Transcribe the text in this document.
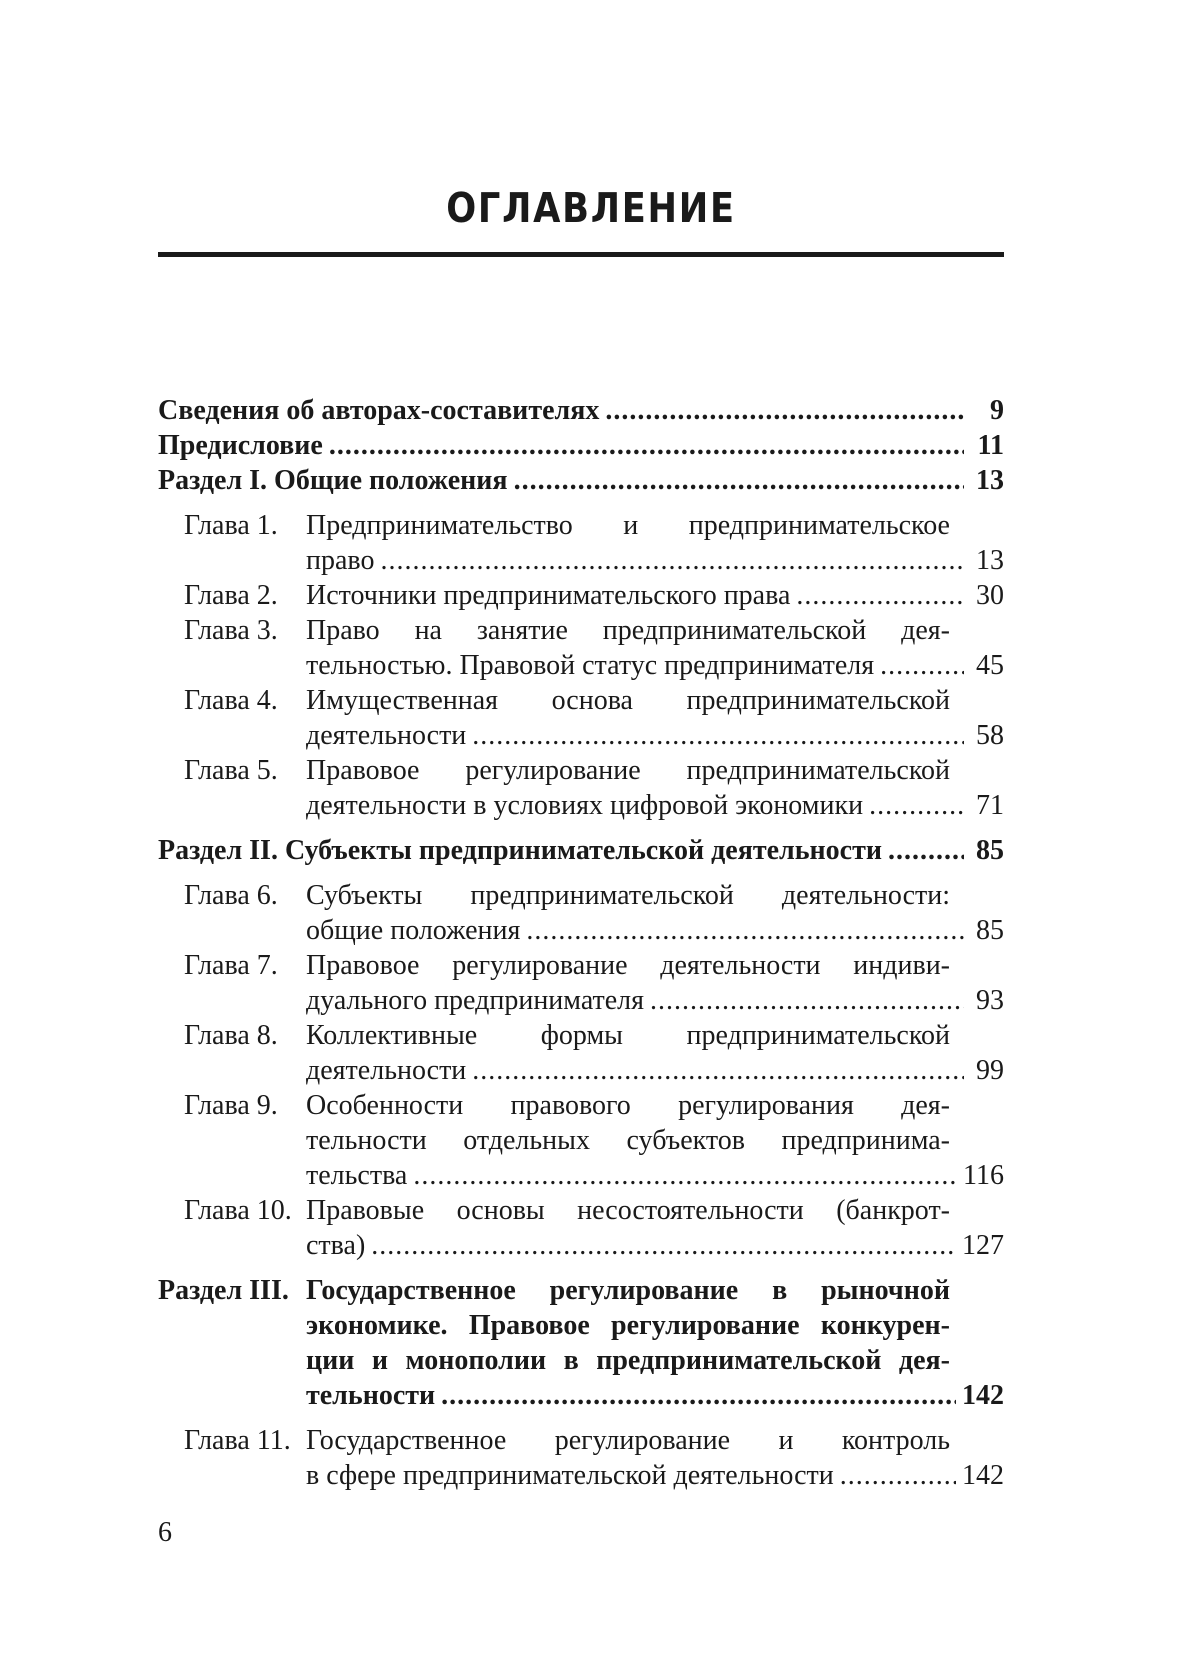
ОГЛАВЛЕНИЕ
Сведения об авторах-составителях .....	9
Предисловие .....	11
Раздел I. Общие положения .....	13
Глава 1.	Предпринимательство и предпринимательское
право .....	13
Глава 2.	Источники предпринимательского права .....	30
Глава 3.	Право на занятие предпринимательской дея-
тельностью. Правовой статус предпринимателя .....	45
Глава 4.	Имущественная основа предпринимательской
деятельности .....	58
Глава 5.	Правовое регулирование предпринимательской
деятельности в условиях цифровой экономики .....	71
Раздел II. Субъекты предпринимательской деятельности .....	85
Глава 6.	Субъекты предпринимательской деятельности:
общие положения .....	85
Глава 7.	Правовое регулирование деятельности индиви-
дуального предпринимателя .....	93
Глава 8.	Коллективные формы предпринимательской
деятельности .....	99
Глава 9.	Особенности правового регулирования дея-
тельности отдельных субъектов предпринима-
тельства .....	116
Глава 10. Правовые основы несостоятельности (банкрот-
ства) .....	127
Раздел III. Государственное регулирование в рыночной
экономике. Правовое регулирование конкурен-
ции и монополии в предпринимательской дея-
тельности .....	142
Глава 11. Государственное регулирование и контроль
в сфере предпринимательской деятельности .....	142
6
